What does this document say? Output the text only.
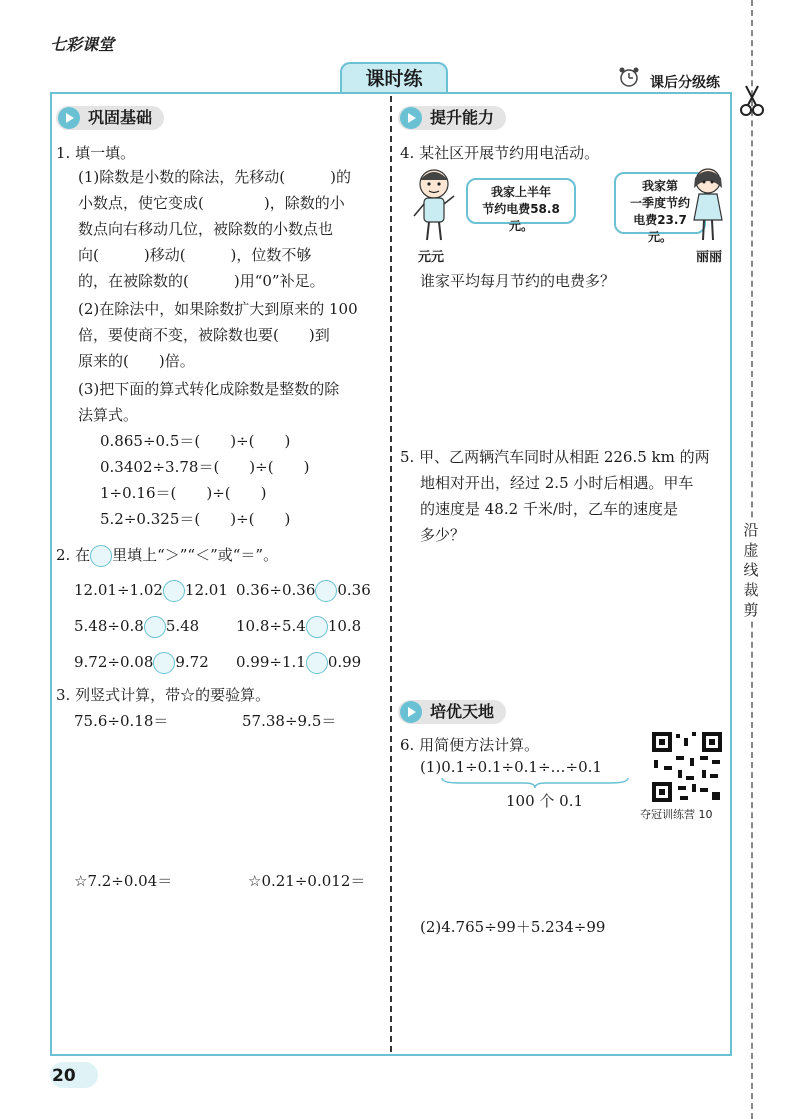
七彩课堂
课时练	课后分级练
沿
虚
线
裁
剪
巩固基础
1. 填一填。
(1)除数是小数的除法，先移动(　　　)的
小数点，使它变成(　　　　)，除数的小
数点向右移动几位，被除数的小数点也
向(　　　)移动(　　　)，位数不够
的，在被除数的(　　　)用“0”补足。
(2)在除法中，如果除数扩大到原来的 100
倍，要使商不变，被除数也要(　　)到
原来的(　　)倍。
(3)把下面的算式转化成除数是整数的除
法算式。
0.865÷0.5＝(　　)÷(　　)
0.3402÷3.78＝(　　)÷(　　)
1÷0.16＝(　　)÷(　　)
5.2÷0.325＝(　　)÷(　　)
2. 在 里填上“＞”“＜”或“＝”。
12.01÷1.02 12.01 0.36÷0.36 0.36
5.48÷0.8 5.48 10.8÷5.4 10.8
9.72÷0.08 9.72 0.99÷1.1 0.99
3. 列竖式计算，带☆的要验算。
75.6÷0.18＝	57.38÷9.5＝
☆7.2÷0.04＝	☆0.21÷0.012＝
提升能力
4. 某社区开展节约用电活动。
我家上半年
节约电费58.8元。
我家第
一季度节约
电费23.7元。
元元	丽丽
谁家平均每月节约的电费多？
5. 甲、乙两辆汽车同时从相距 226.5 km 的两
地相对开出，经过 2.5 小时后相遇。甲车
的速度是 48.2 千米/时，乙车的速度是
多少？
培优天地
6. 用简便方法计算。
(1)0.1÷0.1÷0.1÷…÷0.1
100 个 0.1
夺冠训练营 10
(2)4.765÷99＋5.234÷99
20
